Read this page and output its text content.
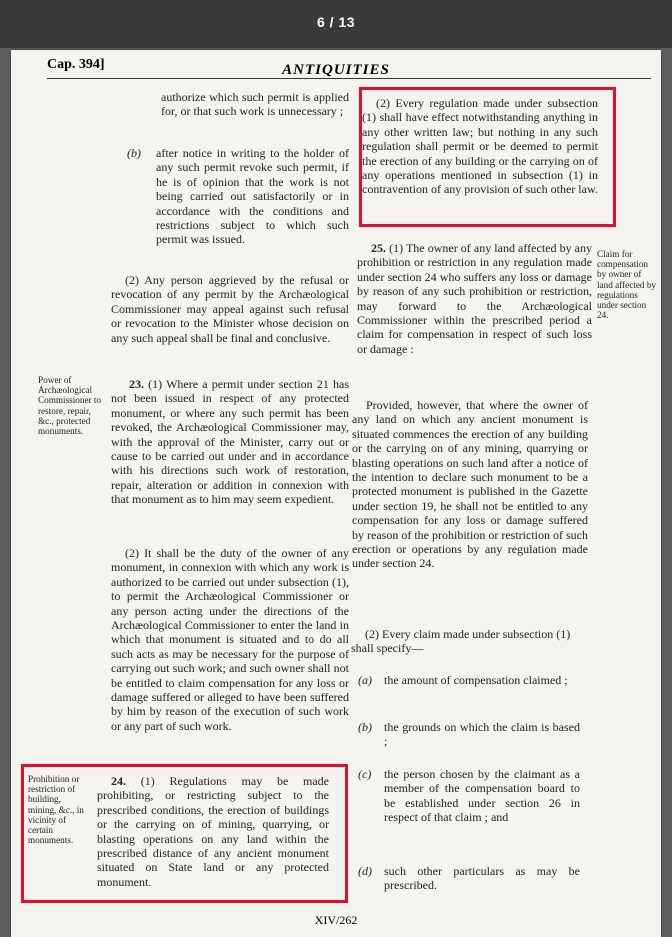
6 / 13
Cap. 394]	ANTIQUITIES

authorize which such permit is applied for, or that such work is unnecessary ;

(b)	after notice in writing to the holder of any such permit revoke such permit, if he is of opinion that the work is not being carried out satisfactorily or in accordance with the conditions and restrictions subject to which such permit was issued.

(2) Any person aggrieved by the refusal or revocation of any permit by the Archæological Commissioner may appeal against such refusal or revocation to the Minister whose decision on any such appeal shall be final and conclusive.

Power of Archæological Commissioner to restore, repair, &c., protected monuments.

23. (1) Where a permit under section 21 has not been issued in respect of any protected monument, or where any such permit has been revoked, the Archæological Commissioner may, with the approval of the Minister, carry out or cause to be carried out under and in accordance with his directions such work of restoration, repair, alteration or addition in connexion with that monument as to him may seem expedient.

(2) It shall be the duty of the owner of any monument, in connexion with which any work is authorized to be carried out under subsection (1), to permit the Archæological Commissioner or any person acting under the directions of the Archæological Commissioner to enter the land in which that monument is situated and to do all such acts as may be necessary for the purpose of carrying out such work; and such owner shall not be entitled to claim compensation for any loss or damage suffered or alleged to have been suffered by him by reason of the execution of such work or any part of such work.

Prohibition or restriction of building, mining, &c., in vicinity of certain monuments.

24. (1) Regulations may be made prohibiting, or restricting subject to the prescribed conditions, the erection of buildings or the carrying on of mining, quarrying, or blasting operations on any land within the prescribed distance of any ancient monument situated on State land or any protected monument.

(2) Every regulation made under subsection (1) shall have effect notwithstanding anything in any other written law; but nothing in any such regulation shall permit or be deemed to permit the erection of any building or the carrying on of any operations mentioned in subsection (1) in contravention of any provision of such other law.

25. (1) The owner of any land affected by any prohibition or restriction in any regulation made under section 24 who suffers any loss or damage by reason of any such prohibition or restriction, may forward to the Archæological Commissioner within the prescribed period a claim for compensation in respect of such loss or damage :

Claim for compensation by owner of land affected by regulations under section 24.

Provided, however, that where the owner of any land on which any ancient monument is situated commences the erection of any building or the carrying on of any mining, quarrying or blasting operations on such land after a notice of the intention to declare such monument to be a protected monument is published in the Gazette under section 19, he shall not be entitled to any compensation for any loss or damage suffered by reason of the prohibition or restriction of such erection or operations by any regulation made under section 24.

(2) Every claim made under subsection (1) shall specify—

(a)	the amount of compensation claimed ;

(b)	the grounds on which the claim is based ;

(c)	the person chosen by the claimant as a member of the compensation board to be established under section 26 in respect of that claim ; and

(d)	such other particulars as may be prescribed.

XIV/262
